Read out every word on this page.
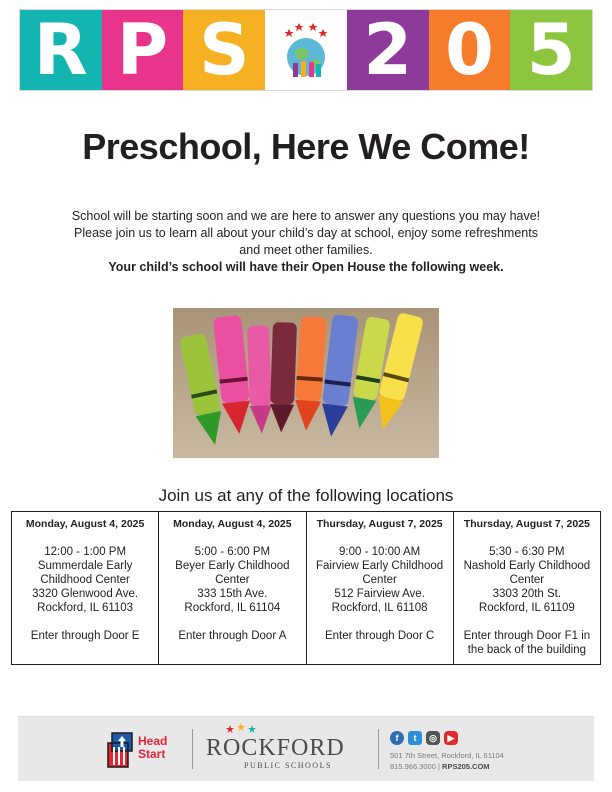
R P S 2 0 5
Preschool, Here We Come!
School will be starting soon and we are here to answer any questions you may have! Please join us to learn all about your child’s day at school, enjoy some refreshments and meet other families.
Your child’s school will have their Open House the following week.
Join us at any of the following locations
Monday, August 4, 2025
12:00 - 1:00 PM
Summerdale Early Childhood Center
3320 Glenwood Ave.
Rockford, IL 61103
Enter through Door E

Monday, August 4, 2025
5:00 - 6:00 PM
Beyer Early Childhood Center
333 15th Ave.
Rockford, IL 61104
Enter through Door A

Thursday, August 7, 2025
9:00 - 10:00 AM
Fairview Early Childhood Center
512 Fairview Ave.
Rockford, IL 61108
Enter through Door C

Thursday, August 7, 2025
5:30 - 6:30 PM
Nashold Early Childhood Center
3303 20th St.
Rockford, IL 61109
Enter through Door F1 in the back of the building
Head
Start ROCKFORD
PUBLIC SCHOOLS
f	t	◎	▶
501 7th Street, Rockford, IL 61104
815.966.3000 | RPS205.COM
